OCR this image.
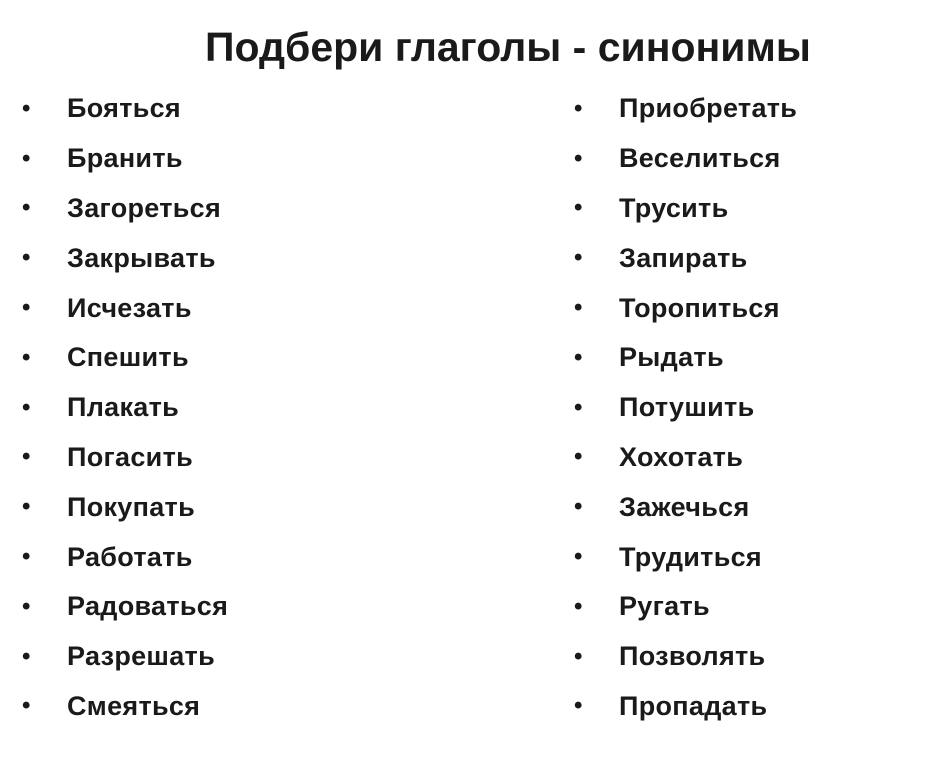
Подбери глаголы - синонимы
•	Бояться
•	Бранить
•	Загореться
•	Закрывать
•	Исчезать
•	Спешить
•	Плакать
•	Погасить
•	Покупать
•	Работать
•	Радоваться
•	Разрешать
•	Смеяться
•	Приобретать
•	Веселиться
•	Трусить
•	Запирать
•	Торопиться
•	Рыдать
•	Потушить
•	Хохотать
•	Зажечься
•	Трудиться
•	Ругать
•	Позволять
•	Пропадать
